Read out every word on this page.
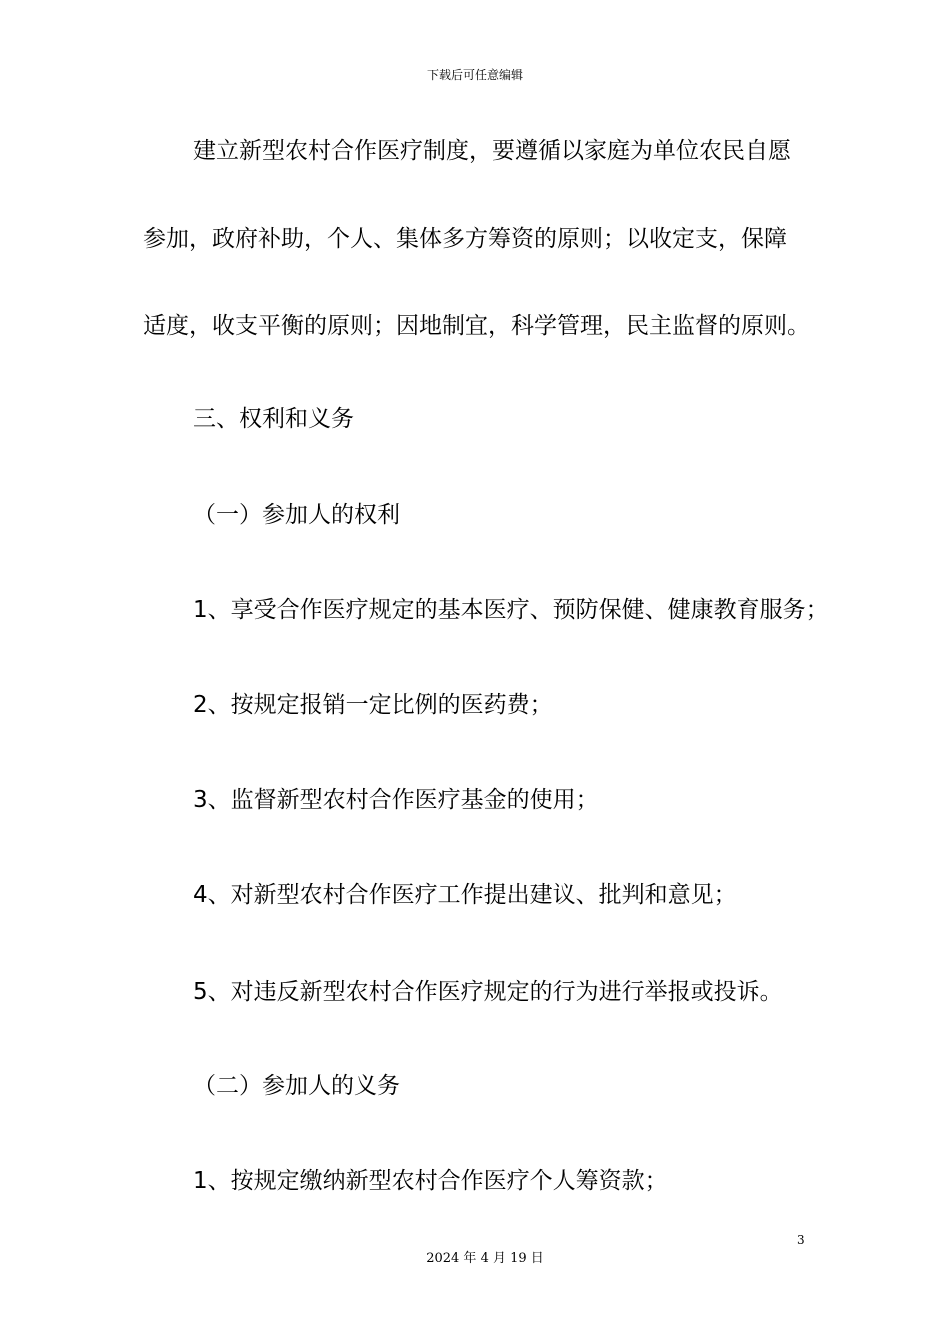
下载后可任意编辑
建立新型农村合作医疗制度，要遵循以家庭为单位农民自愿
参加，政府补助，个人、集体多方筹资的原则；以收定支，保障
适度，收支平衡的原则；因地制宜，科学管理，民主监督的原则。
三、权利和义务
（一）参加人的权利
1、享受合作医疗规定的基本医疗、预防保健、健康教育服务；
2、按规定报销一定比例的医药费；
3、监督新型农村合作医疗基金的使用；
4、对新型农村合作医疗工作提出建议、批判和意见；
5、对违反新型农村合作医疗规定的行为进行举报或投诉。
（二）参加人的义务
1、按规定缴纳新型农村合作医疗个人筹资款；
3
2024 年 4 月 19 日
